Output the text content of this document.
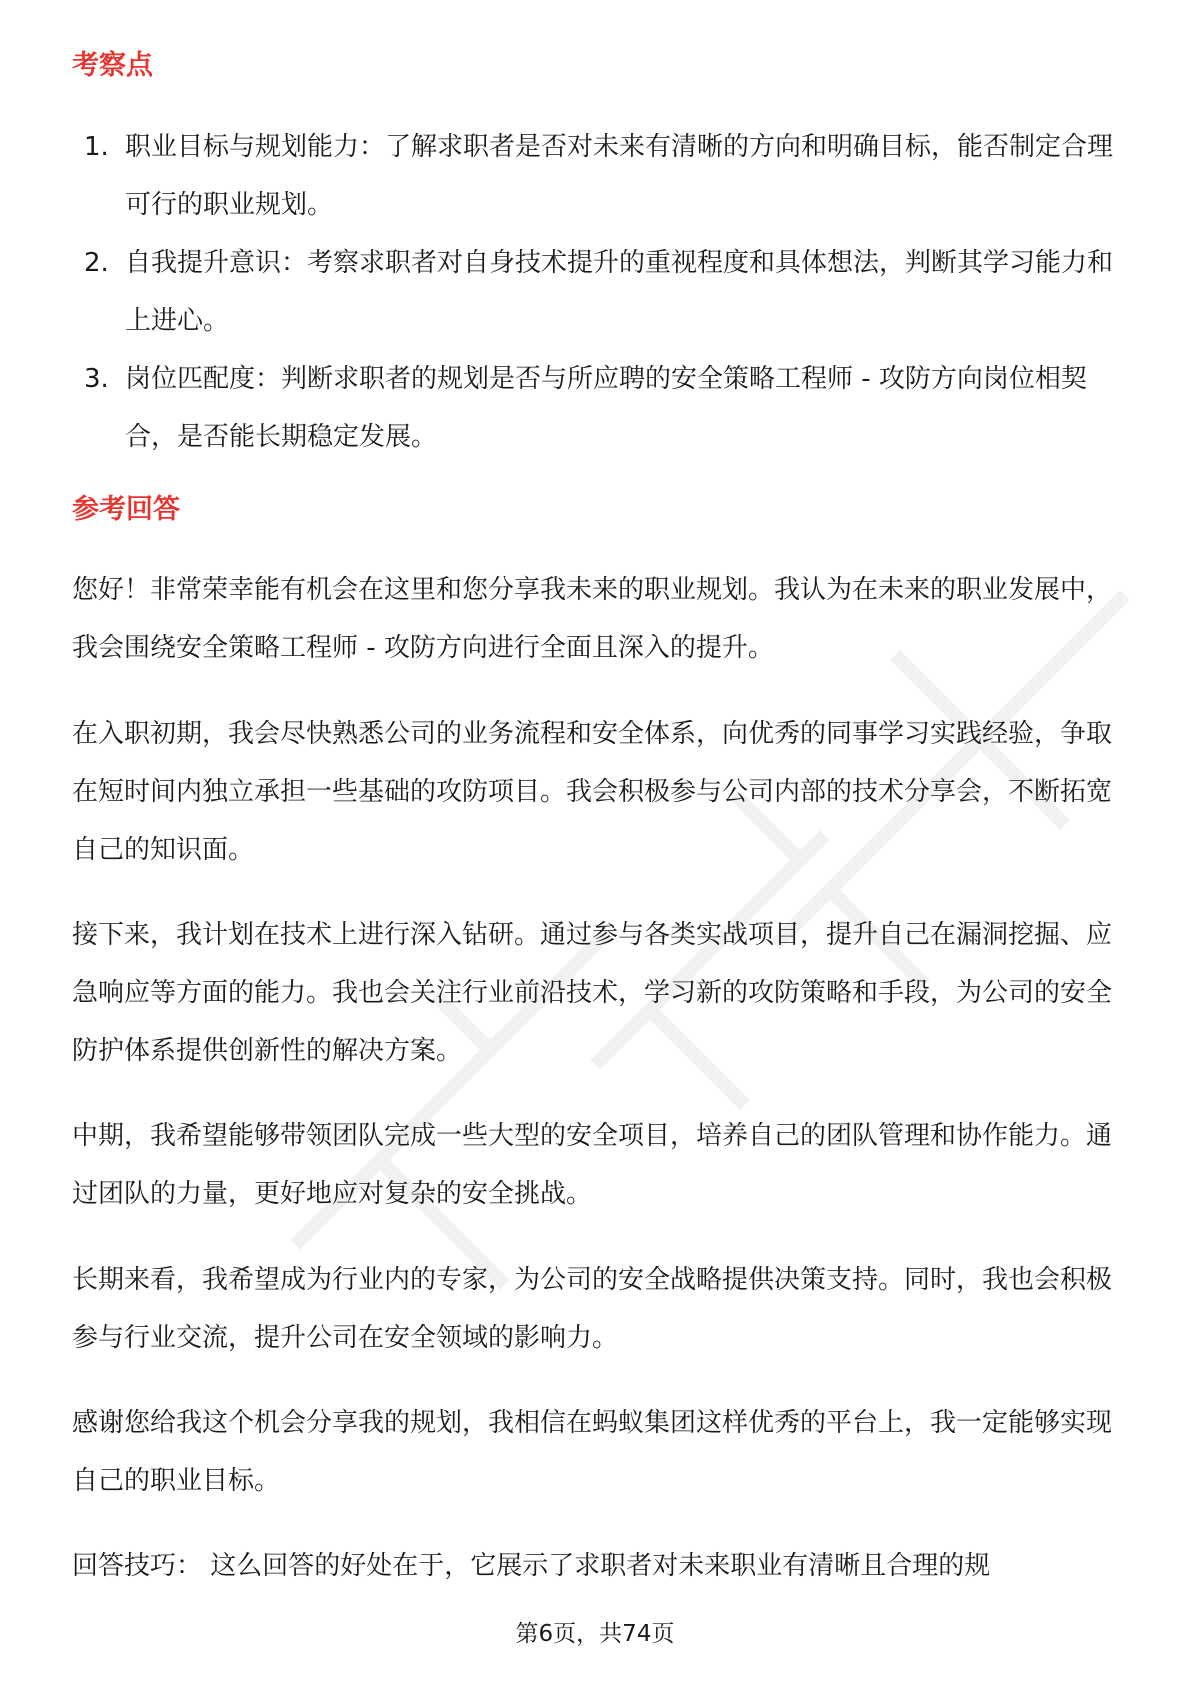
考察点
1. 职业目标与规划能力：了解求职者是否对未来有清晰的方向和明确目标，能否制定合理可行的职业规划。
2. 自我提升意识：考察求职者对自身技术提升的重视程度和具体想法，判断其学习能力和上进心。
3. 岗位匹配度：判断求职者的规划是否与所应聘的安全策略工程师 - 攻防方向岗位相契合，是否能长期稳定发展。
参考回答

您好！非常荣幸能有机会在这里和您分享我未来的职业规划。我认为在未来的职业发展中，我会围绕安全策略工程师 - 攻防方向进行全面且深入的提升。

在入职初期，我会尽快熟悉公司的业务流程和安全体系，向优秀的同事学习实践经验，争取在短时间内独立承担一些基础的攻防项目。我会积极参与公司内部的技术分享会，不断拓宽自己的知识面。

接下来，我计划在技术上进行深入钻研。通过参与各类实战项目，提升自己在漏洞挖掘、应急响应等方面的能力。我也会关注行业前沿技术，学习新的攻防策略和手段，为公司的安全防护体系提供创新性的解决方案。

中期，我希望能够带领团队完成一些大型的安全项目，培养自己的团队管理和协作能力。通过团队的力量，更好地应对复杂的安全挑战。

长期来看，我希望成为行业内的专家，为公司的安全战略提供决策支持。同时，我也会积极参与行业交流，提升公司在安全领域的影响力。

感谢您给我这个机会分享我的规划，我相信在蚂蚁集团这样优秀的平台上，我一定能够实现自己的职业目标。

回答技巧： 这么回答的好处在于，它展示了求职者对未来职业有清晰且合理的规

第6页，共74页
